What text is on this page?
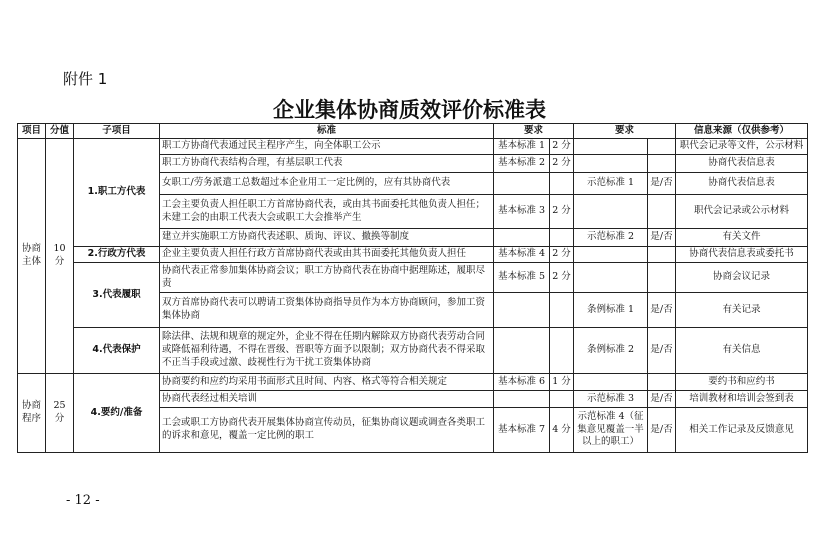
附件 1
企业集体协商质效评价标准表
项目	分值	子项目	标准	要求		要求		信息来源（仅供参考）
协商主体	10 分	1.职工方代表	职工方协商代表通过民主程序产生，向全体职工公示	基本标准 1	2 分			职代会记录等文件，公示材料
			职工方协商代表结构合理，有基层职工代表	基本标准 2	2 分			协商代表信息表
			女职工/劳务派遣工总数超过本企业用工一定比例的，应有其协商代表			示范标准 1	是/否	协商代表信息表
			工会主要负责人担任职工方首席协商代表，或由其书面委托其他负责人担任；未建工会的由职工代表大会或职工大会推举产生	基本标准 3	2 分			职代会记录或公示材料
			建立并实施职工方协商代表述职、质询、评议、撤换等制度			示范标准 2	是/否	有关文件
		2.行政方代表	企业主要负责人担任行政方首席协商代表或由其书面委托其他负责人担任	基本标准 4	2 分			协商代表信息表或委托书
		3.代表履职	协商代表正常参加集体协商会议；职工方协商代表在协商中据理陈述，履职尽责	基本标准 5	2 分			协商会议记录
			双方首席协商代表可以聘请工资集体协商指导员作为本方协商顾问，参加工资集体协商			条例标准 1	是/否	有关记录
		4.代表保护	除法律、法规和规章的规定外，企业不得在任期内解除双方协商代表劳动合同或降低福利待遇，不得在晋级、晋职等方面予以限制；双方协商代表不得采取不正当手段或过激、歧视性行为干扰工资集体协商			条例标准 2	是/否	有关信息
协商程序	25 分	4.要约/准备	协商要约和应约均采用书面形式且时间、内容、格式等符合相关规定	基本标准 6	1 分			要约书和应约书
			协商代表经过相关培训			示范标准 3	是/否	培训教材和培训会签到表
			工会或职工方协商代表开展集体协商宣传动员，征集协商议题或调查各类职工的诉求和意见，覆盖一定比例的职工	基本标准 7	4 分	示范标准 4（征集意见覆盖一半以上的职工）	是/否	相关工作记录及反馈意见
- 12 -
